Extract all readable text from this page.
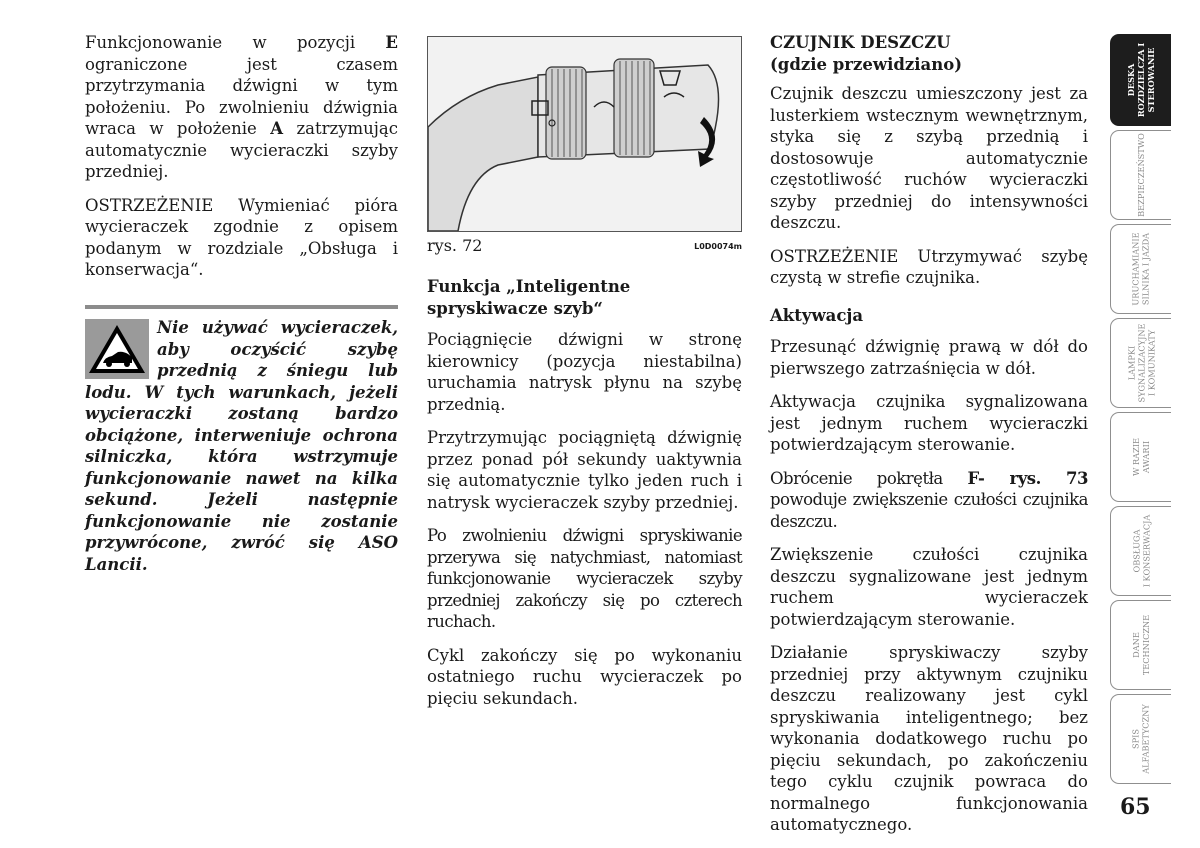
Funkcjonowanie w pozycji E ograniczone jest czasem przytrzymania dźwigni w tym położeniu. Po zwolnieniu dźwignia wraca w położenie A zatrzymując automatycznie wycieraczki szyby przedniej.

OSTRZEŻENIE Wymieniać pióra wycieraczek zgodnie z opisem podanym w rozdziale „Obsługa i konserwacja“.

Nie używać wycieraczek, aby oczyścić szybę przednią z śniegu lub lodu. W tych warunkach, jeżeli wycieraczki zostaną bardzo obciążone, interweniuje ochrona silniczka, która wstrzymuje funkcjonowanie nawet na kilka sekund. Jeżeli następnie funkcjonowanie nie zostanie przywrócone, zwróć się ASO Lancii.

rys. 72	L0D0074m
Funkcja „Inteligentne spryskiwacze szyb“

Pociągnięcie dźwigni w stronę kierownicy (pozycja niestabilna) uruchamia natrysk płynu na szybę przednią.

Przytrzymując pociągniętą dźwignię przez ponad pół sekundy uaktywnia się automatycznie tylko jeden ruch i natrysk wycieraczek szyby przedniej.

Po zwolnieniu dźwigni spryskiwanie przerywa się natychmiast, natomiast funkcjonowanie wycieraczek szyby przedniej zakończy się po czterech ruchach.

Cykl zakończy się po wykonaniu ostatniego ruchu wycieraczek po pięciu sekundach.

CZUJNIK DESZCZU
(gdzie przewidziano)

Czujnik deszczu umieszczony jest za lusterkiem wstecznym wewnętrznym, styka się z szybą przednią i dostosowuje automatycznie częstotliwość ruchów wycieraczki szyby przedniej do intensywności deszczu.

OSTRZEŻENIE Utrzymywać szybę czystą w strefie czujnika.

Aktywacja

Przesunąć dźwignię prawą w dół do pierwszego zatrzaśnięcia w dół.

Aktywacja czujnika sygnalizowana jest jednym ruchem wycieraczki potwierdzającym sterowanie.

Obrócenie pokrętła F- rys. 73 powoduje zwiększenie czułości czujnika deszczu.

Zwiększenie czułości czujnika deszczu sygnalizowane jest jednym ruchem wycieraczek potwierdzającym sterowanie.

Działanie spryskiwaczy szyby przedniej przy aktywnym czujniku deszczu realizowany jest cykl spryskiwania inteligentnego; bez wykonania dodatkowego ruchu po pięciu sekundach, po zakończeniu tego cyklu czujnik powraca do normalnego funkcjonowania automatycznego.

DESKA
ROZDZIELCZA I
STEROWANIE
BEZPIECZEŃSTWO
URUCHAMIANIE
SILNIKA I JAZDA
LAMPKI
SYGNALIZACYJNE
I KOMUNIKATY
W RAZIE
AWARII
OBSŁUGA
I KONSERWACJA
DANE
TECHNICZNE
SPIS
ALFABETYCZNY
65
